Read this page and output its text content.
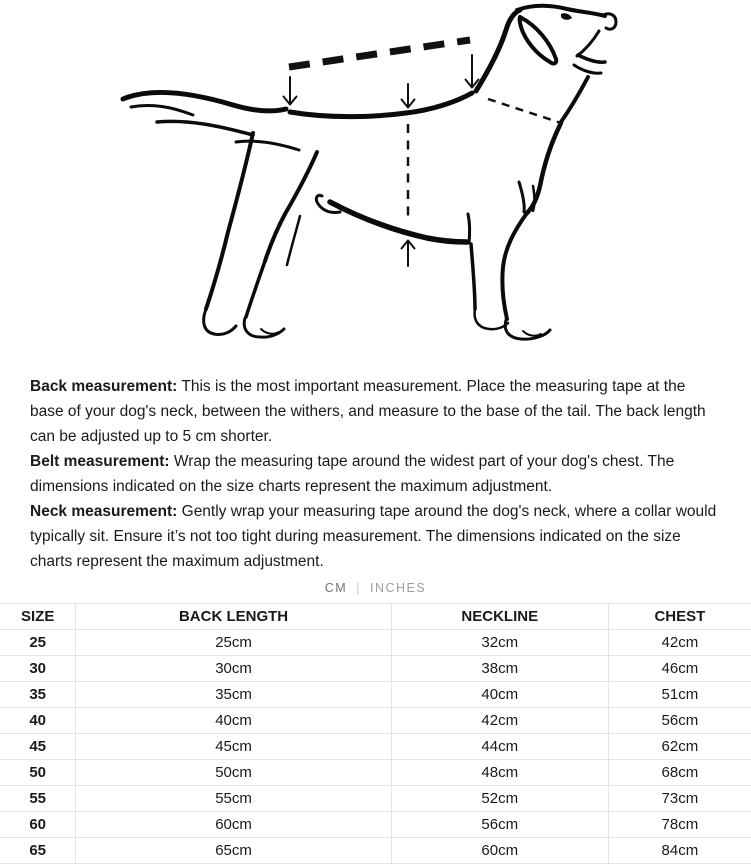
Back measurement: This is the most important measurement. Place the measuring tape at the base of your dog's neck, between the withers, and measure to the base of the tail. The back length can be adjusted up to 5 cm shorter.

Belt measurement: Wrap the measuring tape around the widest part of your dog's chest. The dimensions indicated on the size charts represent the maximum adjustment.

Neck measurement: Gently wrap your measuring tape around the dog's neck, where a collar would typically sit. Ensure it’s not too tight during measurement. The dimensions indicated on the size charts represent the maximum adjustment.

CM | INCHES
SIZE	BACK LENGTH	NECKLINE	CHEST
25	25cm	32cm	42cm
30	30cm	38cm	46cm
35	35cm	40cm	51cm
40	40cm	42cm	56cm
45	45cm	44cm	62cm
50	50cm	48cm	68cm
55	55cm	52cm	73cm
60	60cm	56cm	78cm
65	65cm	60cm	84cm
